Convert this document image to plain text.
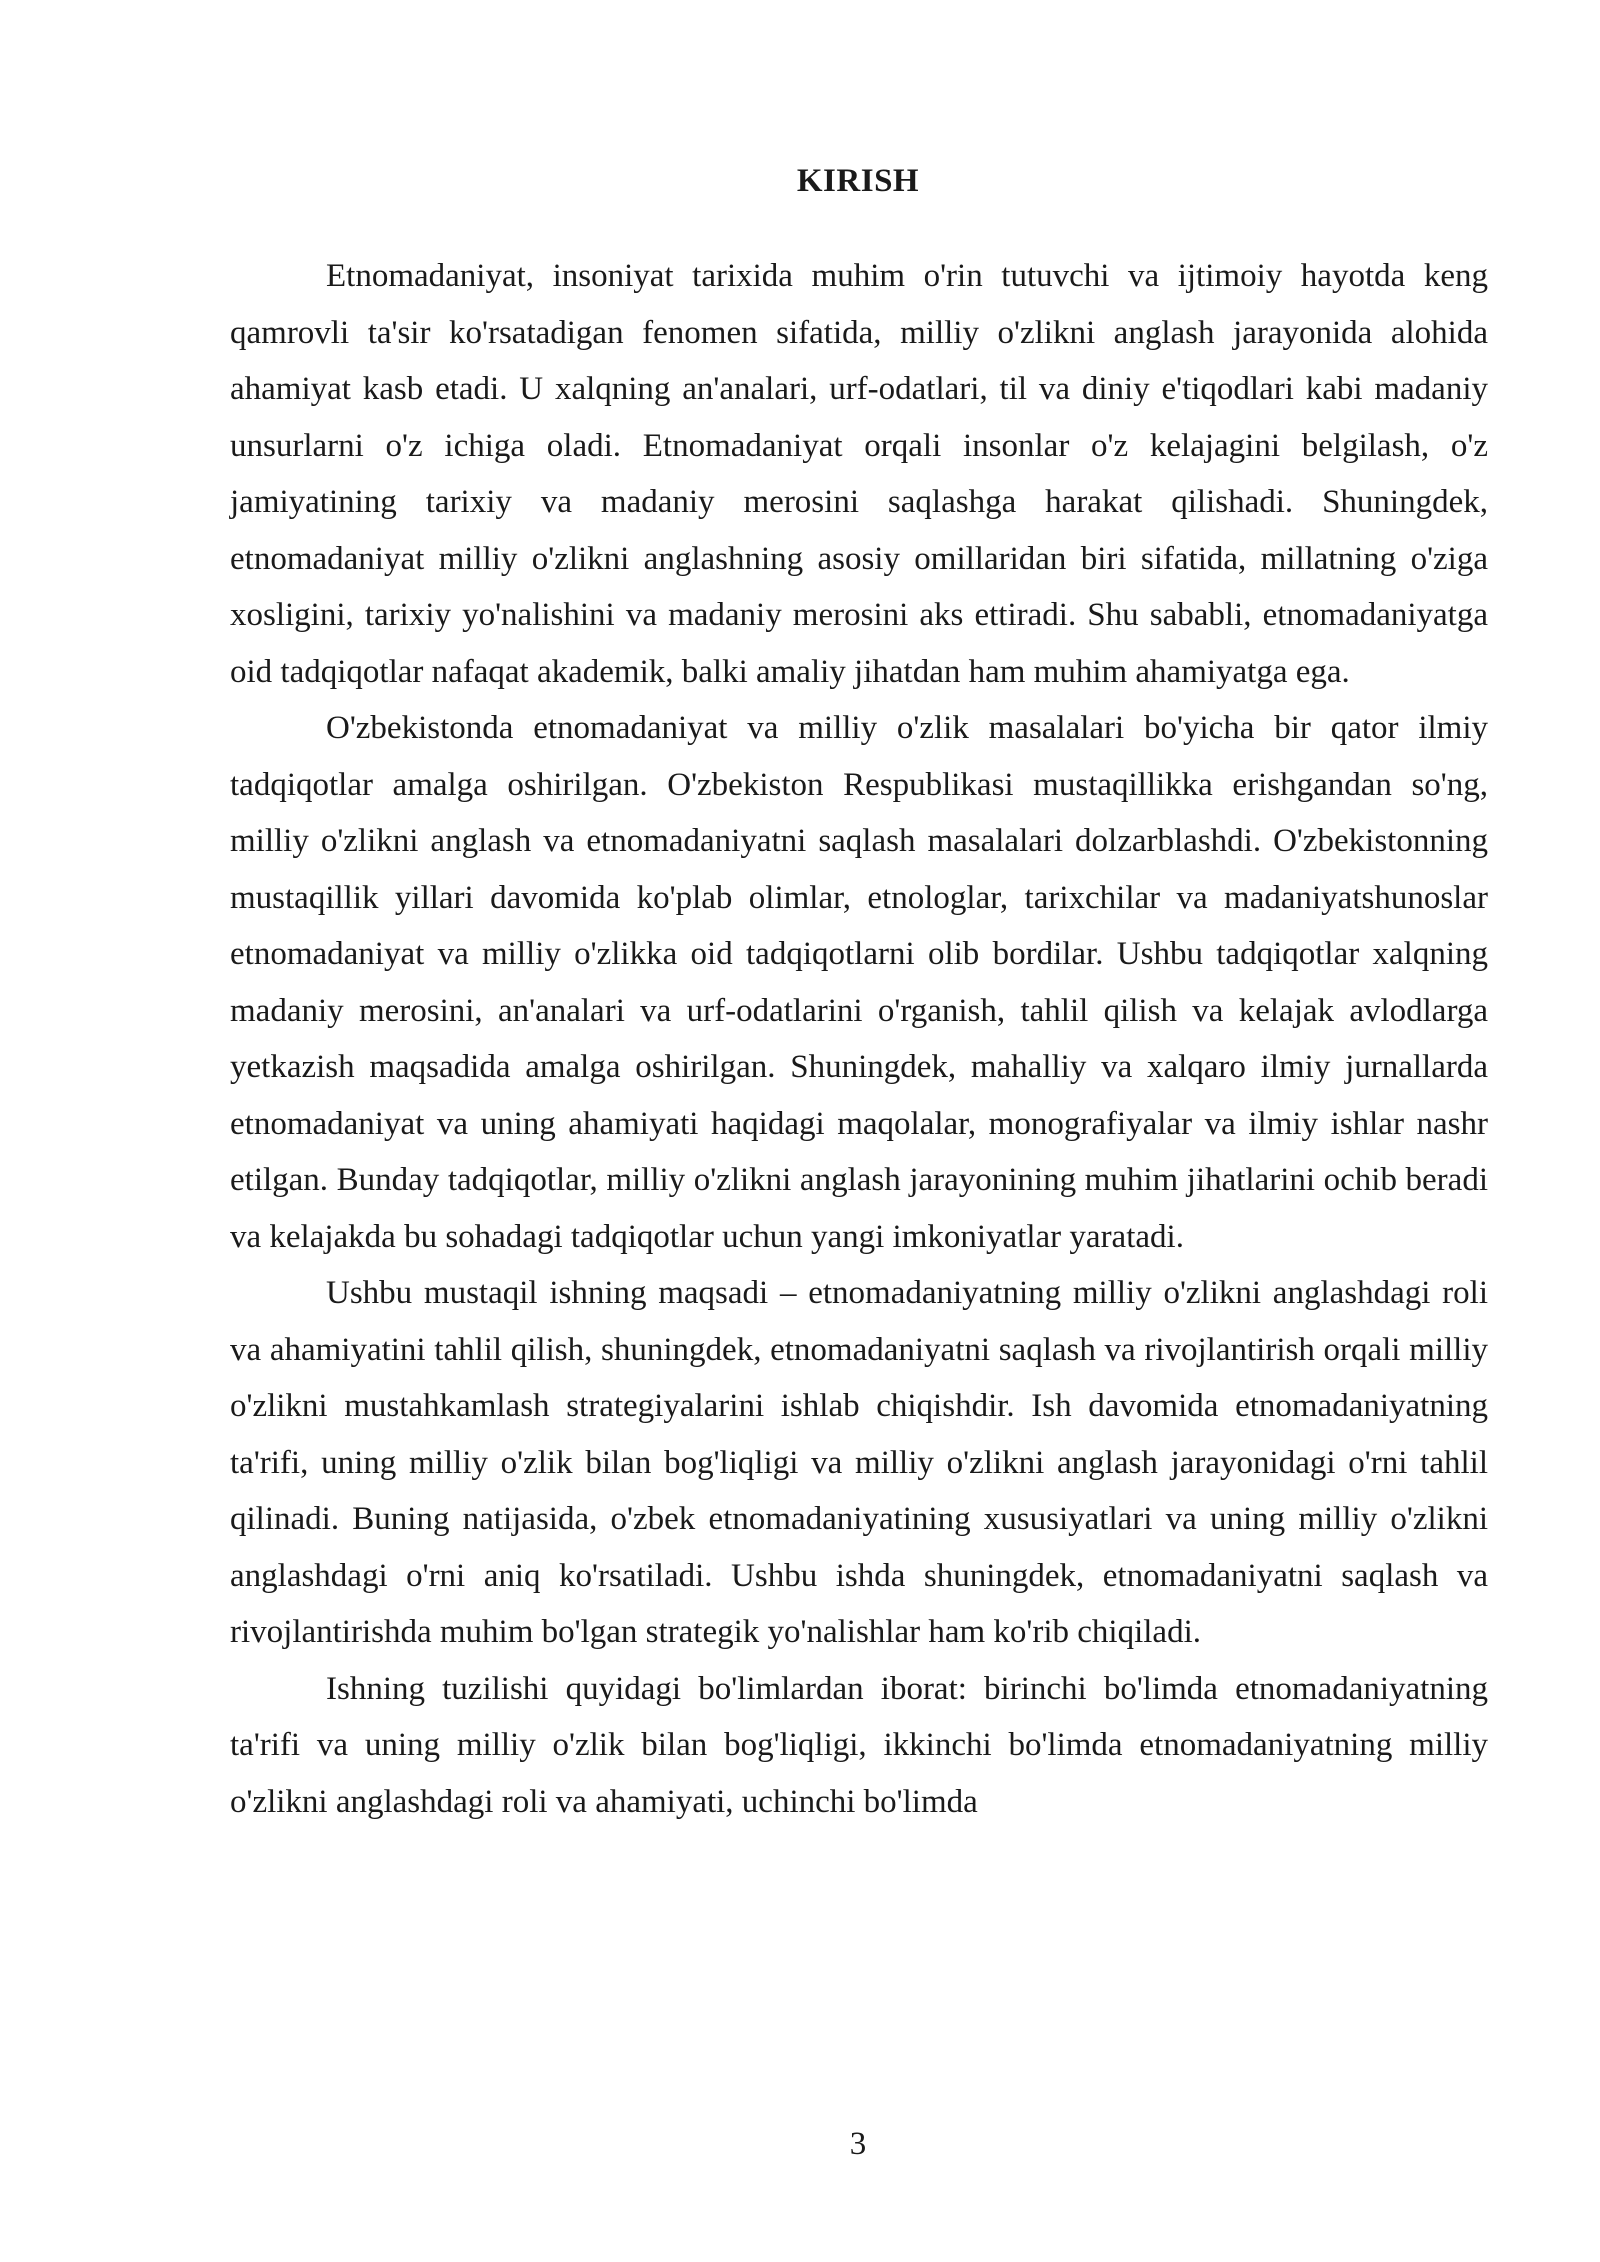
KIRISH

Etnomadaniyat, insoniyat tarixida muhim o'rin tutuvchi va ijtimoiy hayotda keng qamrovli ta'sir ko'rsatadigan fenomen sifatida, milliy o'zlikni anglash jarayonida alohida ahamiyat kasb etadi. U xalqning an'analari, urf-odatlari, til va diniy e'tiqodlari kabi madaniy unsurlarni o'z ichiga oladi. Etnomadaniyat orqali insonlar o'z kelajagini belgilash, o'z jamiyatining tarixiy va madaniy merosini saqlashga harakat qilishadi. Shuningdek, etnomadaniyat milliy o'zlikni anglashning asosiy omillaridan biri sifatida, millatning o'ziga xosligini, tarixiy yo'nalishini va madaniy merosini aks ettiradi. Shu sababli, etnomadaniyatga oid tadqiqotlar nafaqat akademik, balki amaliy jihatdan ham muhim ahamiyatga ega.

O'zbekistonda etnomadaniyat va milliy o'zlik masalalari bo'yicha bir qator ilmiy tadqiqotlar amalga oshirilgan. O'zbekiston Respublikasi mustaqillikka erishgandan so'ng, milliy o'zlikni anglash va etnomadaniyatni saqlash masalalari dolzarblashdi. O'zbekistonning mustaqillik yillari davomida ko'plab olimlar, etnologlar, tarixchilar va madaniyatshunoslar etnomadaniyat va milliy o'zlikka oid tadqiqotlarni olib bordilar. Ushbu tadqiqotlar xalqning madaniy merosini, an'analari va urf-odatlarini o'rganish, tahlil qilish va kelajak avlodlarga yetkazish maqsadida amalga oshirilgan. Shuningdek, mahalliy va xalqaro ilmiy jurnallarda etnomadaniyat va uning ahamiyati haqidagi maqolalar, monografiyalar va ilmiy ishlar nashr etilgan. Bunday tadqiqotlar, milliy o'zlikni anglash jarayonining muhim jihatlarini ochib beradi va kelajakda bu sohadagi tadqiqotlar uchun yangi imkoniyatlar yaratadi.

Ushbu mustaqil ishning maqsadi – etnomadaniyatning milliy o'zlikni anglashdagi roli va ahamiyatini tahlil qilish, shuningdek, etnomadaniyatni saqlash va rivojlantirish orqali milliy o'zlikni mustahkamlash strategiyalarini ishlab chiqishdir. Ish davomida etnomadaniyatning ta'rifi, uning milliy o'zlik bilan bog'liqligi va milliy o'zlikni anglash jarayonidagi o'rni tahlil qilinadi. Buning natijasida, o'zbek etnomadaniyatining xususiyatlari va uning milliy o'zlikni anglashdagi o'rni aniq ko'rsatiladi. Ushbu ishda shuningdek, etnomadaniyatni saqlash va rivojlantirishda muhim bo'lgan strategik yo'nalishlar ham ko'rib chiqiladi.

Ishning tuzilishi quyidagi bo'limlardan iborat: birinchi bo'limda etnomadaniyatning ta'rifi va uning milliy o'zlik bilan bog'liqligi, ikkinchi bo'limda etnomadaniyatning milliy o'zlikni anglashdagi roli va ahamiyati, uchinchi bo'limda

3
